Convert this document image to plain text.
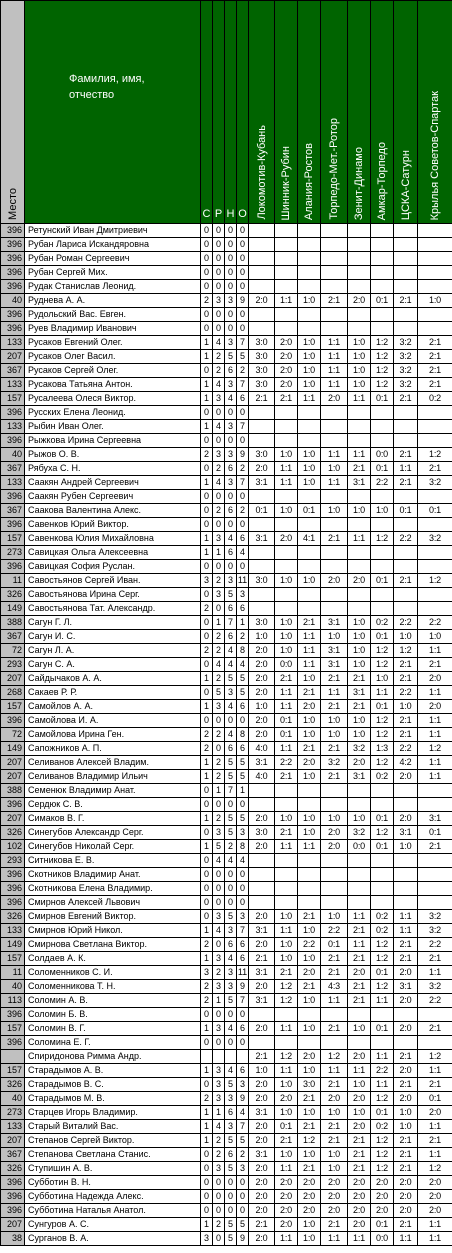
Место	Фамилия, имя,
отчество	С	Р	Н	О	Локомотив-Кубань	Шинник-Рубин	Алания-Ростов	Торпедо-Мет.-Ротор	Зенит-Динамо	Амкар-Торпедо	ЦСКА-Сатурн	Крылья Советов-Спартак

396	Ретунский Иван Дмитриевич	0	0	0	0								
396	Рубан Лариса Искандяровна	0	0	0	0								
396	Рубан Роман Сергеевич	0	0	0	0								
396	Рубан Сергей Мих.	0	0	0	0								
396	Рудак Станислав Леонид.	0	0	0	0								
40	Руднева А. А.	2	3	3	9	2:0	1:1	1:0	2:1	2:0	0:1	2:1	1:0
396	Рудольский Вас. Евген.	0	0	0	0								
396	Руев Владимир Иванович	0	0	0	0								
133	Русаков Евгений Олег.	1	4	3	7	3:0	2:0	1:0	1:1	1:0	1:2	3:2	2:1
207	Русаков Олег Васил.	1	2	5	5	3:0	2:0	1:0	1:1	1:0	1:2	3:2	2:1
367	Русаков Сергей Олег.	0	2	6	2	3:0	2:0	1:0	1:1	1:0	1:2	3:2	2:1
133	Русакова Татьяна Антон.	1	4	3	7	3:0	2:0	1:0	1:1	1:0	1:2	3:2	2:1
157	Русалеева Олеся Виктор.	1	3	4	6	2:1	2:1	1:1	2:0	1:1	0:1	2:1	0:2
396	Русских Елена Леонид.	0	0	0	0								
133	Рыбин Иван Олег.	1	4	3	7								
396	Рыжкова Ирина Сергеевна	0	0	0	0								
40	Рыжов О. В.	2	3	3	9	3:0	1:0	1:0	1:1	1:1	0:0	2:1	1:2
367	Рябуха С. Н.	0	2	6	2	2:0	1:1	1:0	1:0	2:1	0:1	1:1	2:1
133	Саакян Андрей Сергеевич	1	4	3	7	3:1	1:1	1:0	1:1	3:1	2:2	2:1	3:2
396	Саакян Рубен Сергеевич	0	0	0	0								
367	Саакова Валентина Алекс.	0	2	6	2	0:1	1:0	0:1	1:0	1:0	1:0	0:1	0:1
396	Савенков Юрий Виктор.	0	0	0	0								
157	Савенкова Юлия Михайловна	1	3	4	6	3:1	2:0	4:1	2:1	1:1	1:2	2:2	3:2
273	Савицкая Ольга Алексеевна	1	1	6	4								
396	Савицкая София Руслан.	0	0	0	0								
11	Савостьянов Сергей Иван.	3	2	3	11	3:0	1:0	1:0	2:0	2:0	0:1	2:1	1:2
326	Савостьянова Ирина Серг.	0	3	5	3								
149	Савостьянова Тат. Александр.	2	0	6	6								
388	Сагун Г. Л.	0	1	7	1	3:0	1:0	2:1	3:1	1:0	0:2	2:2	2:2
367	Сагун И. С.	0	2	6	2	1:0	1:0	1:1	1:0	1:0	0:1	1:0	1:0
72	Сагун Л. А.	2	2	4	8	2:0	1:0	1:1	3:1	1:0	1:2	1:2	1:1
293	Сагун С. А.	0	4	4	4	2:0	0:0	1:1	3:1	1:0	1:2	2:1	2:1
207	Сайдычаков А. А.	1	2	5	5	2:0	2:1	1:0	2:1	2:1	1:0	2:1	2:0
268	Сакаев Р. Р.	0	5	3	5	2:0	1:1	2:1	1:1	3:1	1:1	2:2	1:1
157	Самойлов А. А.	1	3	4	6	1:0	1:1	2:0	2:1	2:1	0:1	1:0	2:0
396	Самойлова И. А.	0	0	0	0	2:0	0:1	1:0	1:0	1:0	1:2	2:1	1:1
72	Самойлова Ирина Ген.	2	2	4	8	2:0	0:1	1:0	1:0	1:0	1:2	2:1	1:1
149	Сапожников А. П.	2	0	6	6	4:0	1:1	2:1	2:1	3:2	1:3	2:2	1:2
207	Селиванов Алексей Владим.	1	2	5	5	3:1	2:2	2:0	3:2	2:0	1:2	4:2	1:1
207	Селиванов Владимир Ильич	1	2	5	5	4:0	2:1	1:0	2:1	3:1	0:2	2:0	1:1
388	Семенюк Владимир Анат.	0	1	7	1								
396	Сердюк С. В.	0	0	0	0								
207	Симаков В. Г.	1	2	5	5	2:0	1:0	1:0	1:0	1:0	0:1	2:0	3:1
326	Синегубов Александр Серг.	0	3	5	3	3:0	2:1	1:0	2:0	3:2	1:2	3:1	0:1
102	Синегубов Николай Серг.	1	5	2	8	2:0	1:1	1:1	2:0	0:0	0:1	1:0	2:1
293	Ситникова Е. В.	0	4	4	4								
396	Скотников Владимир Анат.	0	0	0	0								
396	Скотникова Елена Владимир.	0	0	0	0								
396	Смирнов Алексей Львович	0	0	0	0								
326	Смирнов Евгений Виктор.	0	3	5	3	2:0	1:0	2:1	1:0	1:1	0:2	1:1	3:2
133	Смирнов Юрий Никол.	1	4	3	7	3:1	1:1	1:0	2:2	2:1	0:2	1:1	3:2
149	Смирнова Светлана Виктор.	2	0	6	6	2:0	1:0	2:2	0:1	1:1	1:2	2:1	2:2
157	Солдаев А. К.	1	3	4	6	2:1	1:0	1:0	2:1	2:1	1:2	2:1	2:1
11	Соломенников С. И.	3	2	3	11	3:1	2:1	2:0	2:1	2:0	0:1	2:0	1:1
40	Соломенникова Т. Н.	2	3	3	9	2:0	1:2	2:1	4:3	2:1	1:2	3:1	3:2
113	Соломин А. В.	2	1	5	7	3:1	1:2	1:0	1:1	2:1	1:1	2:0	2:2
396	Соломин Б. В.	0	0	0	0								
157	Соломин В. Г.	1	3	4	6	2:0	1:1	1:0	2:1	1:0	0:1	2:0	2:1
396	Соломина Е. Г.	0	0	0	0								
	Спиридонова Римма Андр.					2:1	1:2	2:0	1:2	2:0	1:1	2:1	1:2
157	Старадымов А. В.	1	3	4	6	1:0	1:1	1:0	1:1	1:1	2:2	2:0	1:1
326	Старадымов В. С.	0	3	5	3	2:0	1:0	3:0	2:1	1:0	1:1	2:1	2:1
40	Старадымов М. В.	2	3	3	9	2:0	2:0	2:1	2:0	2:0	1:2	2:0	0:1
273	Старцев Игорь Владимир.	1	1	6	4	3:1	1:0	1:0	1:0	1:0	0:1	1:0	2:0
133	Старый Виталий Вас.	1	4	3	7	2:0	0:1	2:1	2:1	2:0	0:2	1:0	1:1
207	Степанов Сергей Виктор.	1	2	5	5	2:0	2:1	1:2	2:1	2:1	1:2	2:1	2:1
367	Степанова Светлана Станис.	0	2	6	2	3:1	1:0	1:0	1:0	2:1	1:2	2:1	1:1
326	Ступишин А. В.	0	3	5	3	2:0	1:1	2:1	1:0	2:1	1:2	2:1	1:2
396	Субботин В. Н.	0	0	0	0	2:0	2:0	2:0	2:0	2:0	2:0	2:0	2:0
396	Субботина Надежда Алекс.	0	0	0	0	2:0	2:0	2:0	2:0	2:0	2:0	2:0	2:0
396	Субботина Наталья Анатол.	0	0	0	0	2:0	2:0	2:0	2:0	2:0	2:0	2:0	2:0
207	Сунгуров А. С.	1	2	5	5	2:1	2:0	1:0	2:1	2:0	0:1	2:1	1:1
38	Сурганов В. А.	3	0	5	9	2:0	1:1	1:0	1:1	1:1	0:0	1:1	1:1
